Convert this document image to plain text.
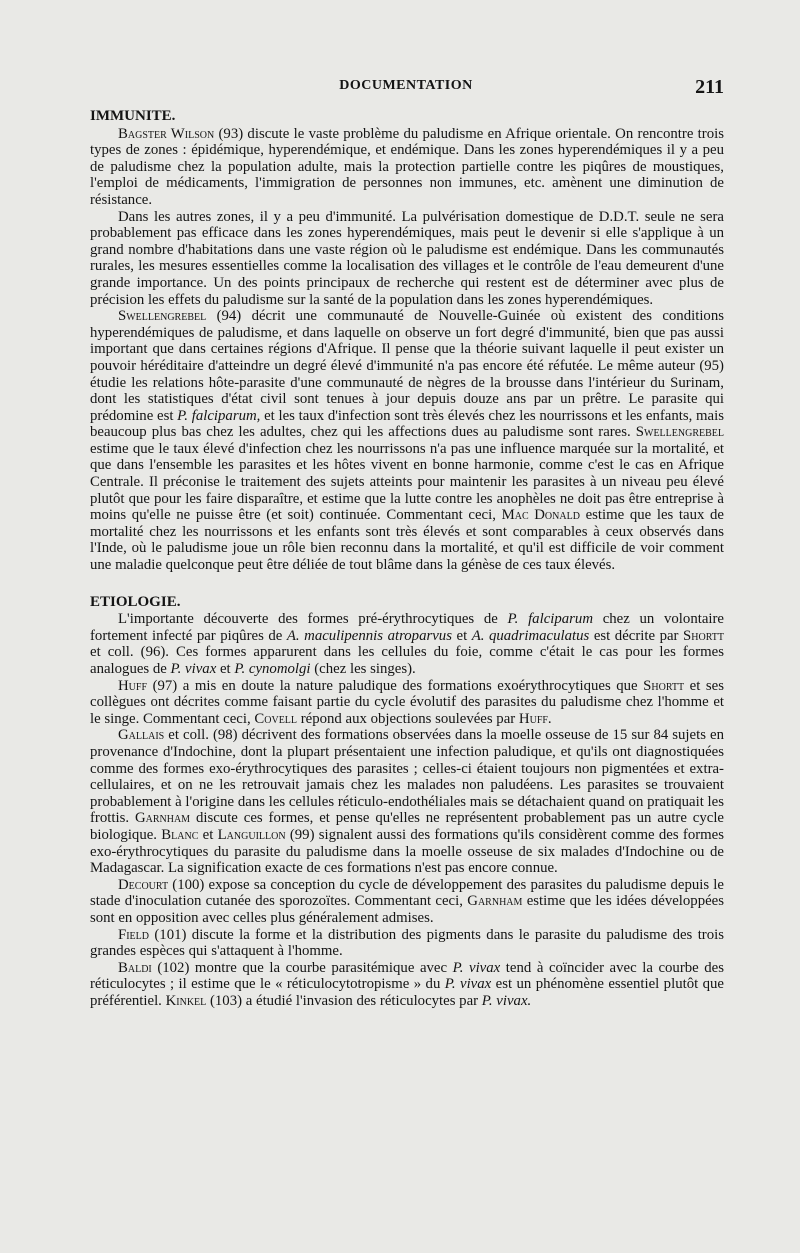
DOCUMENTATION	211
IMMUNITE.

Bagster Wilson (93) discute le vaste problème du paludisme en Afrique orientale. On rencontre trois types de zones : épidémique, hyperendémique, et endémique. Dans les zones hyperendémiques il y a peu de paludisme chez la population adulte, mais la protection partielle contre les piqûres de moustiques, l'emploi de médicaments, l'immigration de personnes non immunes, etc. amènent une diminution de résistance.

Dans les autres zones, il y a peu d'immunité. La pulvérisation domestique de D.D.T. seule ne sera probablement pas efficace dans les zones hyperendémiques, mais peut le devenir si elle s'applique à un grand nombre d'habitations dans une vaste région où le paludisme est endémique. Dans les communautés rurales, les mesures essentielles comme la localisation des villages et le contrôle de l'eau demeurent d'une grande importance. Un des points principaux de recherche qui restent est de déterminer avec plus de précision les effets du paludisme sur la santé de la population dans les zones hyperendémiques.

Swellengrebel (94) décrit une communauté de Nouvelle-Guinée où existent des conditions hyperendémiques de paludisme, et dans laquelle on observe un fort degré d'immunité, bien que pas aussi important que dans certaines régions d'Afrique. Il pense que la théorie suivant laquelle il peut exister un pouvoir héréditaire d'atteindre un degré élevé d'immunité n'a pas encore été réfutée. Le même auteur (95) étudie les relations hôte-parasite d'une communauté de nègres de la brousse dans l'intérieur du Surinam, dont les statistiques d'état civil sont tenues à jour depuis douze ans par un prêtre. Le parasite qui prédomine est P. falciparum, et les taux d'infection sont très élevés chez les nourrissons et les enfants, mais beaucoup plus bas chez les adultes, chez qui les affections dues au paludisme sont rares. Swellengrebel estime que le taux élevé d'infection chez les nourrissons n'a pas une influence marquée sur la mortalité, et que dans l'ensemble les parasites et les hôtes vivent en bonne harmonie, comme c'est le cas en Afrique Centrale. Il préconise le traitement des sujets atteints pour maintenir les parasites à un niveau peu élevé plutôt que pour les faire disparaître, et estime que la lutte contre les anophèles ne doit pas être entreprise à moins qu'elle ne puisse être (et soit) continuée. Commentant ceci, Mac Donald estime que les taux de mortalité chez les nourrissons et les enfants sont très élevés et sont comparables à ceux observés dans l'Inde, où le paludisme joue un rôle bien reconnu dans la mortalité, et qu'il est difficile de voir comment une maladie quelconque peut être déliée de tout blâme dans la génèse de ces taux élevés.

ETIOLOGIE.

L'importante découverte des formes pré-érythrocytiques de P. falciparum chez un volontaire fortement infecté par piqûres de A. maculipennis atroparvus et A. quadrimaculatus est décrite par Shortt et coll. (96). Ces formes apparurent dans les cellules du foie, comme c'était le cas pour les formes analogues de P. vivax et P. cynomolgi (chez les singes).

Huff (97) a mis en doute la nature paludique des formations exoérythrocytiques que Shortt et ses collègues ont décrites comme faisant partie du cycle évolutif des parasites du paludisme chez l'homme et le singe. Commentant ceci, Covell répond aux objections soulevées par Huff.

Gallais et coll. (98) décrivent des formations observées dans la moelle osseuse de 15 sur 84 sujets en provenance d'Indochine, dont la plupart présentaient une infection paludique, et qu'ils ont diagnostiquées comme des formes exo-érythrocytiques des parasites ; celles-ci étaient toujours non pigmentées et extra-cellulaires, et on ne les retrouvait jamais chez les malades non paludéens. Les parasites se trouvaient probablement à l'origine dans les cellules réticulo-endothéliales mais se détachaient quand on pratiquait les frottis. Garnham discute ces formes, et pense qu'elles ne représentent probablement pas un autre cycle biologique. Blanc et Languillon (99) signalent aussi des formations qu'ils considèrent comme des formes exo-érythrocytiques du parasite du paludisme dans la moelle osseuse de six malades d'Indochine ou de Madagascar. La signification exacte de ces formations n'est pas encore connue.

Decourt (100) expose sa conception du cycle de développement des parasites du paludisme depuis le stade d'inoculation cutanée des sporozoïtes. Commentant ceci, Garnham estime que les idées développées sont en opposition avec celles plus généralement admises.

Field (101) discute la forme et la distribution des pigments dans le parasite du paludisme des trois grandes espèces qui s'attaquent à l'homme.

Baldi (102) montre que la courbe parasitémique avec P. vivax tend à coïncider avec la courbe des réticulocytes ; il estime que le « réticulocytotropisme » du P. vivax est un phénomène essentiel plutôt que préférentiel. Kinkel (103) a étudié l'invasion des réticulocytes par P. vivax.
